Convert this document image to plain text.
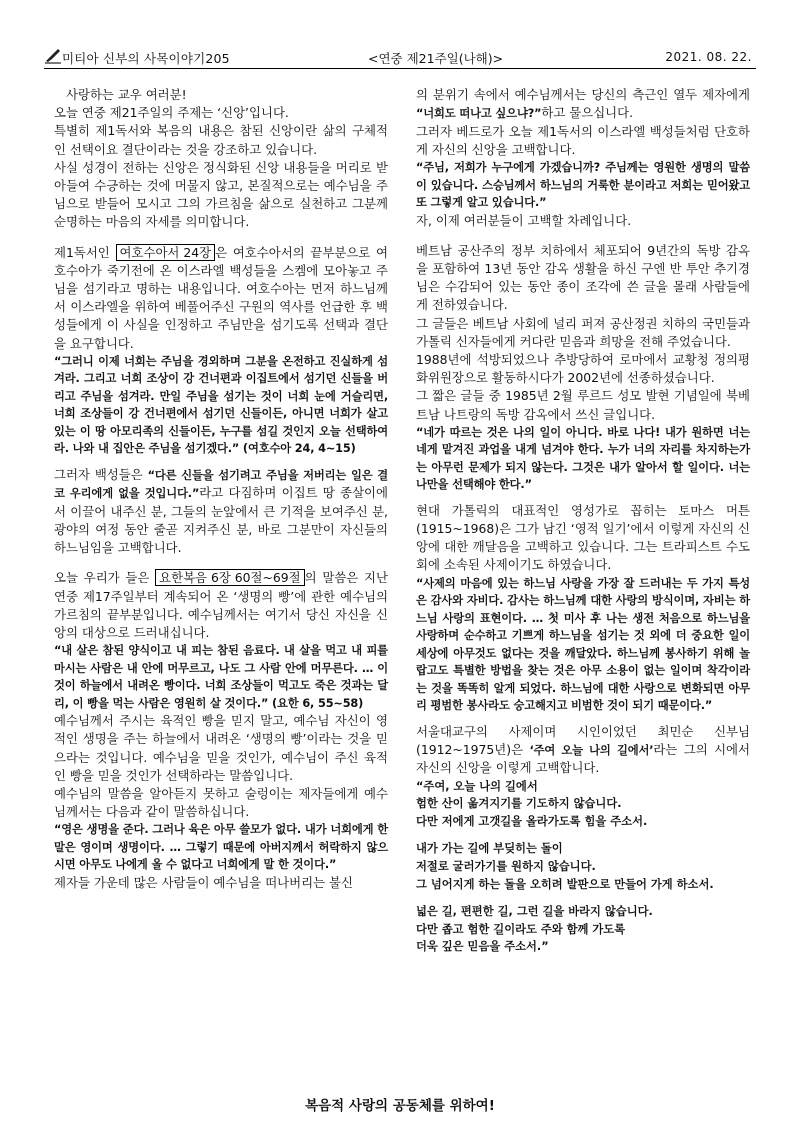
미티아 신부의 사목이야기205	<연중 제21주일(나해)>	2021. 08. 22.

사랑하는 교우 여러분!

오늘 연중 제21주일의 주제는 ‘신앙’입니다.

특별히 제1독서와 복음의 내용은 참된 신앙이란 삶의 구체적인 선택이요 결단이라는 것을 강조하고 있습니다.

사실 성경이 전하는 신앙은 정식화된 신앙 내용들을 머리로 받아들여 수긍하는 것에 머물지 않고, 본질적으로는 예수님을 주님으로 받들어 모시고 그의 가르침을 삶으로 실천하고 그분께 순명하는 마음의 자세를 의미합니다.

제1독서인 여호수아서 24장 은 여호수아서의 끝부분으로 여호수아가 죽기전에 온 이스라엘 백성들을 스켐에 모아놓고 주님을 섬기라고 명하는 내용입니다. 여호수아는 먼저 하느님께서 이스라엘을 위하여 베풀어주신 구원의 역사를 언급한 후 백성들에게 이 사실을 인정하고 주님만을 섬기도록 선택과 결단을 요구합니다.

“그러니 이제 너희는 주님을 경외하며 그분을 온전하고 진실하게 섬겨라. 그리고 너희 조상이 강 건너편과 이집트에서 섬기던 신들을 버리고 주님을 섬겨라. 만일 주님을 섬기는 것이 너희 눈에 거슬리면, 너희 조상들이 강 건너편에서 섬기던 신들이든, 아니면 너희가 살고 있는 이 땅 아모리족의 신들이든, 누구를 섬길 것인지 오늘 선택하여라. 나와 내 집안은 주님을 섬기겠다.” (여호수아 24, 4~15)

그러자 백성들은 “다른 신들을 섬기려고 주님을 저버리는 일은 결코 우리에게 없을 것입니다.”라고 다짐하며 이집트 땅 종살이에서 이끌어 내주신 분, 그들의 눈앞에서 큰 기적을 보여주신 분, 광야의 여정 동안 줄곧 지켜주신 분, 바로 그분만이 자신들의 하느님임을 고백합니다.

오늘 우리가 들은 요한복음 6장 60절~69절 의 말씀은 지난 연중 제17주일부터 계속되어 온 ‘생명의 빵’에 관한 예수님의 가르침의 끝부분입니다. 예수님께서는 여기서 당신 자신을 신앙의 대상으로 드러내십니다.

“내 살은 참된 양식이고 내 피는 참된 음료다. 내 살을 먹고 내 피를 마시는 사람은 내 안에 머무르고, 나도 그 사람 안에 머무른다. … 이것이 하늘에서 내려온 빵이다. 너희 조상들이 먹고도 죽은 것과는 달리, 이 빵을 먹는 사람은 영원히 살 것이다.” (요한 6, 55~58)

예수님께서 주시는 육적인 빵을 믿지 말고, 예수님 자신이 영적인 생명을 주는 하늘에서 내려온 ‘생명의 빵’이라는 것을 믿으라는 것입니다. 예수님을 믿을 것인가, 예수님이 주신 육적인 빵을 믿을 것인가 선택하라는 말씀입니다.

예수님의 말씀을 알아듣지 못하고 술렁이는 제자들에게 예수님께서는 다음과 같이 말씀하십니다.

“영은 생명을 준다. 그러나 육은 아무 쓸모가 없다. 내가 너희에게 한 말은 영이며 생명이다. … 그렇기 때문에 아버지께서 허락하지 않으시면 아무도 나에게 올 수 없다고 너희에게 말 한 것이다.”

제자들 가운데 많은 사람들이 예수님을 떠나버리는 불신

의 분위기 속에서 예수님께서는 당신의 측근인 열두 제자에게 “너희도 떠나고 싶으냐?”하고 물으십니다.

그러자 베드로가 오늘 제1독서의 이스라엘 백성들처럼 단호하게 자신의 신앙을 고백합니다.

“주님, 저희가 누구에게 가겠습니까? 주님께는 영원한 생명의 말씀이 있습니다. 스승님께서 하느님의 거룩한 분이라고 저희는 믿어왔고 또 그렇게 알고 있습니다.”

자, 이제 여러분들이 고백할 차례입니다.

베트남 공산주의 정부 치하에서 체포되어 9년간의 독방 감옥을 포함하여 13년 동안 감옥 생활을 하신 구엔 반 투안 추기경님은 수감되어 있는 동안 종이 조각에 쓴 글을 몰래 사람들에게 전하였습니다.

그 글들은 베트남 사회에 널리 퍼져 공산정권 치하의 국민들과 가톨릭 신자들에게 커다란 믿음과 희망을 전해 주었습니다.

1988년에 석방되었으나 추방당하여 로마에서 교황청 정의평화위원장으로 활동하시다가 2002년에 선종하셨습니다.

그 짧은 글들 중 1985년 2월 루르드 성모 발현 기념일에 북베트남 나트랑의 독방 감옥에서 쓰신 글입니다.

“네가 따르는 것은 나의 일이 아니다. 바로 나다! 내가 원하면 너는 네게 맡겨진 과업을 내게 넘겨야 한다. 누가 너의 자리를 차지하는가는 아무런 문제가 되지 않는다. 그것은 내가 알아서 할 일이다. 너는 나만을 선택해야 한다.”

현대 가톨릭의 대표적인 영성가로 꼽히는 토마스 머튼(1915~1968)은 그가 남긴 ‘영적 일기’에서 이렇게 자신의 신앙에 대한 깨달음을 고백하고 있습니다. 그는 트라피스트 수도회에 소속된 사제이기도 하였습니다.

“사제의 마음에 있는 하느님 사랑을 가장 잘 드러내는 두 가지 특성은 감사와 자비다. 감사는 하느님께 대한 사랑의 방식이며, 자비는 하느님 사랑의 표현이다. … 첫 미사 후 나는 생전 처음으로 하느님을 사랑하며 순수하고 기쁘게 하느님을 섬기는 것 외에 더 중요한 일이 세상에 아무것도 없다는 것을 깨달았다. 하느님께 봉사하기 위해 놀랍고도 특별한 방법을 찾는 것은 아무 소용이 없는 일이며 착각이라는 것을 똑똑히 알게 되었다. 하느님에 대한 사랑으로 변화되면 아무리 평범한 봉사라도 숭고해지고 비범한 것이 되기 때문이다.”

서울대교구의 사제이며 시인이었던 최민순 신부님(1912~1975년)은 ‘주여 오늘 나의 길에서’라는 그의 시에서 자신의 신앙을 이렇게 고백합니다.

“주여, 오늘 나의 길에서
험한 산이 옮겨지기를 기도하지 않습니다.
다만 저에게 고갯길을 올라가도록 힘을 주소서.
내가 가는 길에 부딪히는 돌이
저절로 굴러가기를 원하지 않습니다.
그 넘어지게 하는 돌을 오히려 발판으로 만들어 가게 하소서.
넓은 길, 편편한 길, 그런 길을 바라지 않습니다.
다만 좁고 험한 길이라도 주와 함께 가도록
더욱 깊은 믿음을 주소서.”
복음적 사랑의 공동체를 위하여!
